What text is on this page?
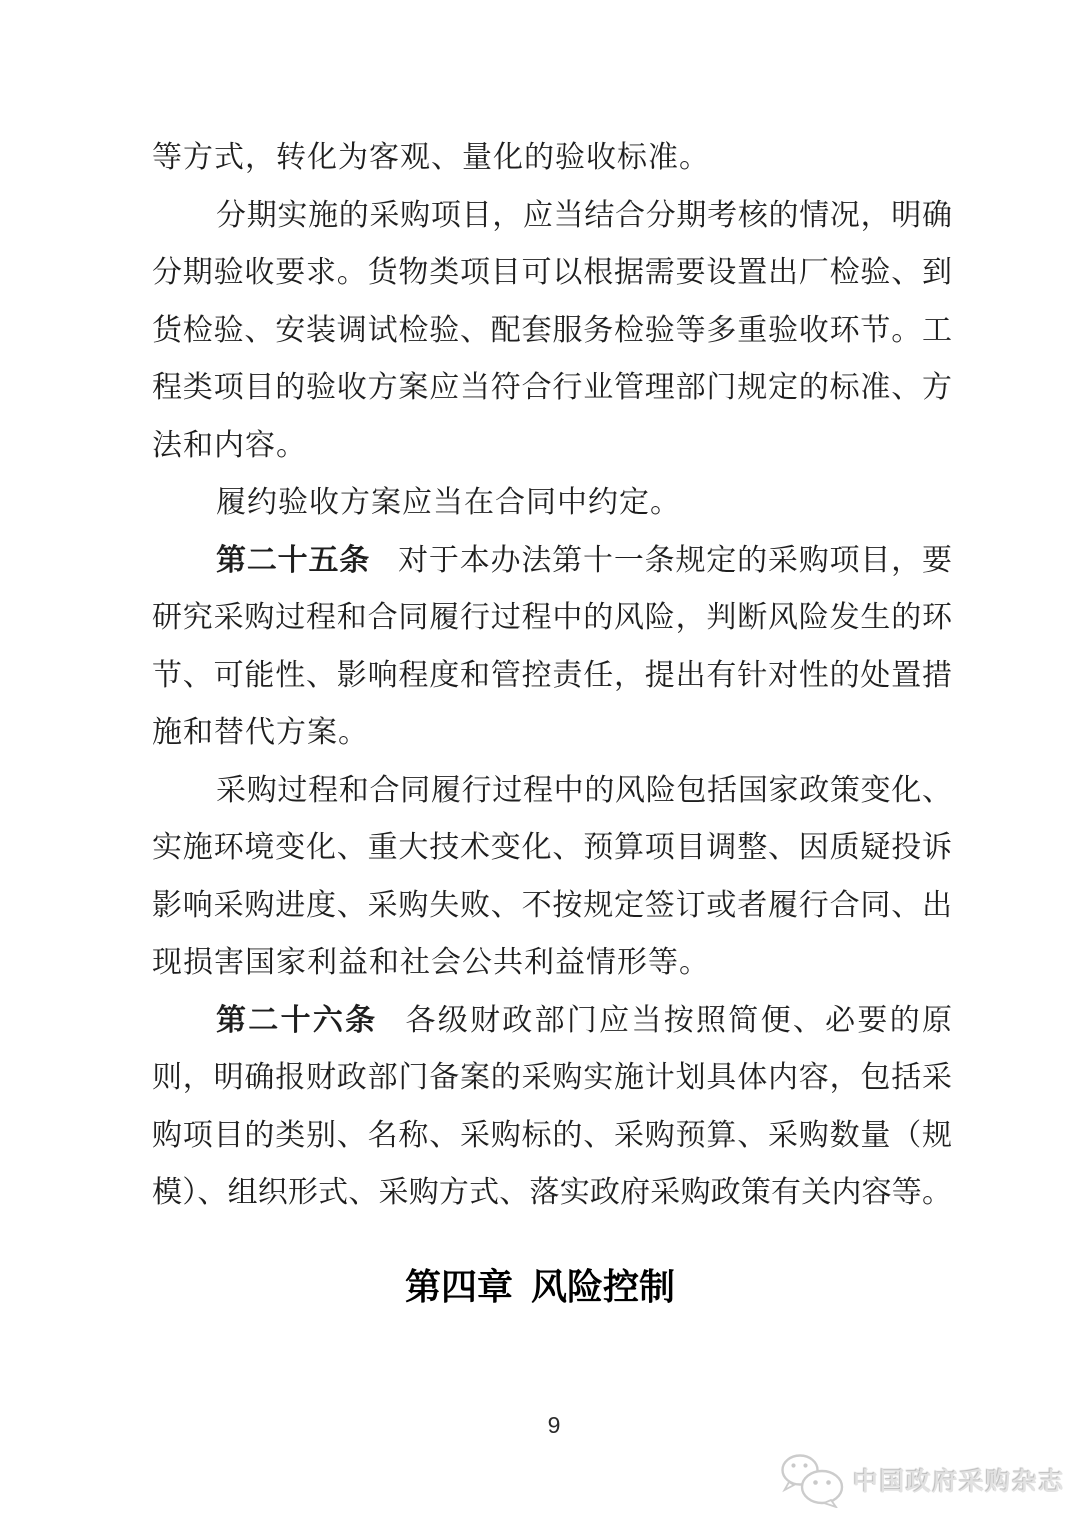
等方式，转化为客观、量化的验收标准。
分期实施的采购项目，应当结合分期考核的情况，明确
分期验收要求。货物类项目可以根据需要设置出厂检验、到
货检验、安装调试检验、配套服务检验等多重验收环节。工
程类项目的验收方案应当符合行业管理部门规定的标准、方
法和内容。
履约验收方案应当在合同中约定。
第二十五条 对于本办法第十一条规定的采购项目，要
研究采购过程和合同履行过程中的风险，判断风险发生的环
节、可能性、影响程度和管控责任，提出有针对性的处置措
施和替代方案。
采购过程和合同履行过程中的风险包括国家政策变化、
实施环境变化、重大技术变化、预算项目调整、因质疑投诉
影响采购进度、采购失败、不按规定签订或者履行合同、出
现损害国家利益和社会公共利益情形等。
第二十六条 各级财政部门应当按照简便、必要的原
则，明确报财政部门备案的采购实施计划具体内容，包括采
购项目的类别、名称、采购标的、采购预算、采购数量（规
模）、组织形式、采购方式、落实政府采购政策有关内容等。
第四章 风险控制
9
中国政府采购杂志
